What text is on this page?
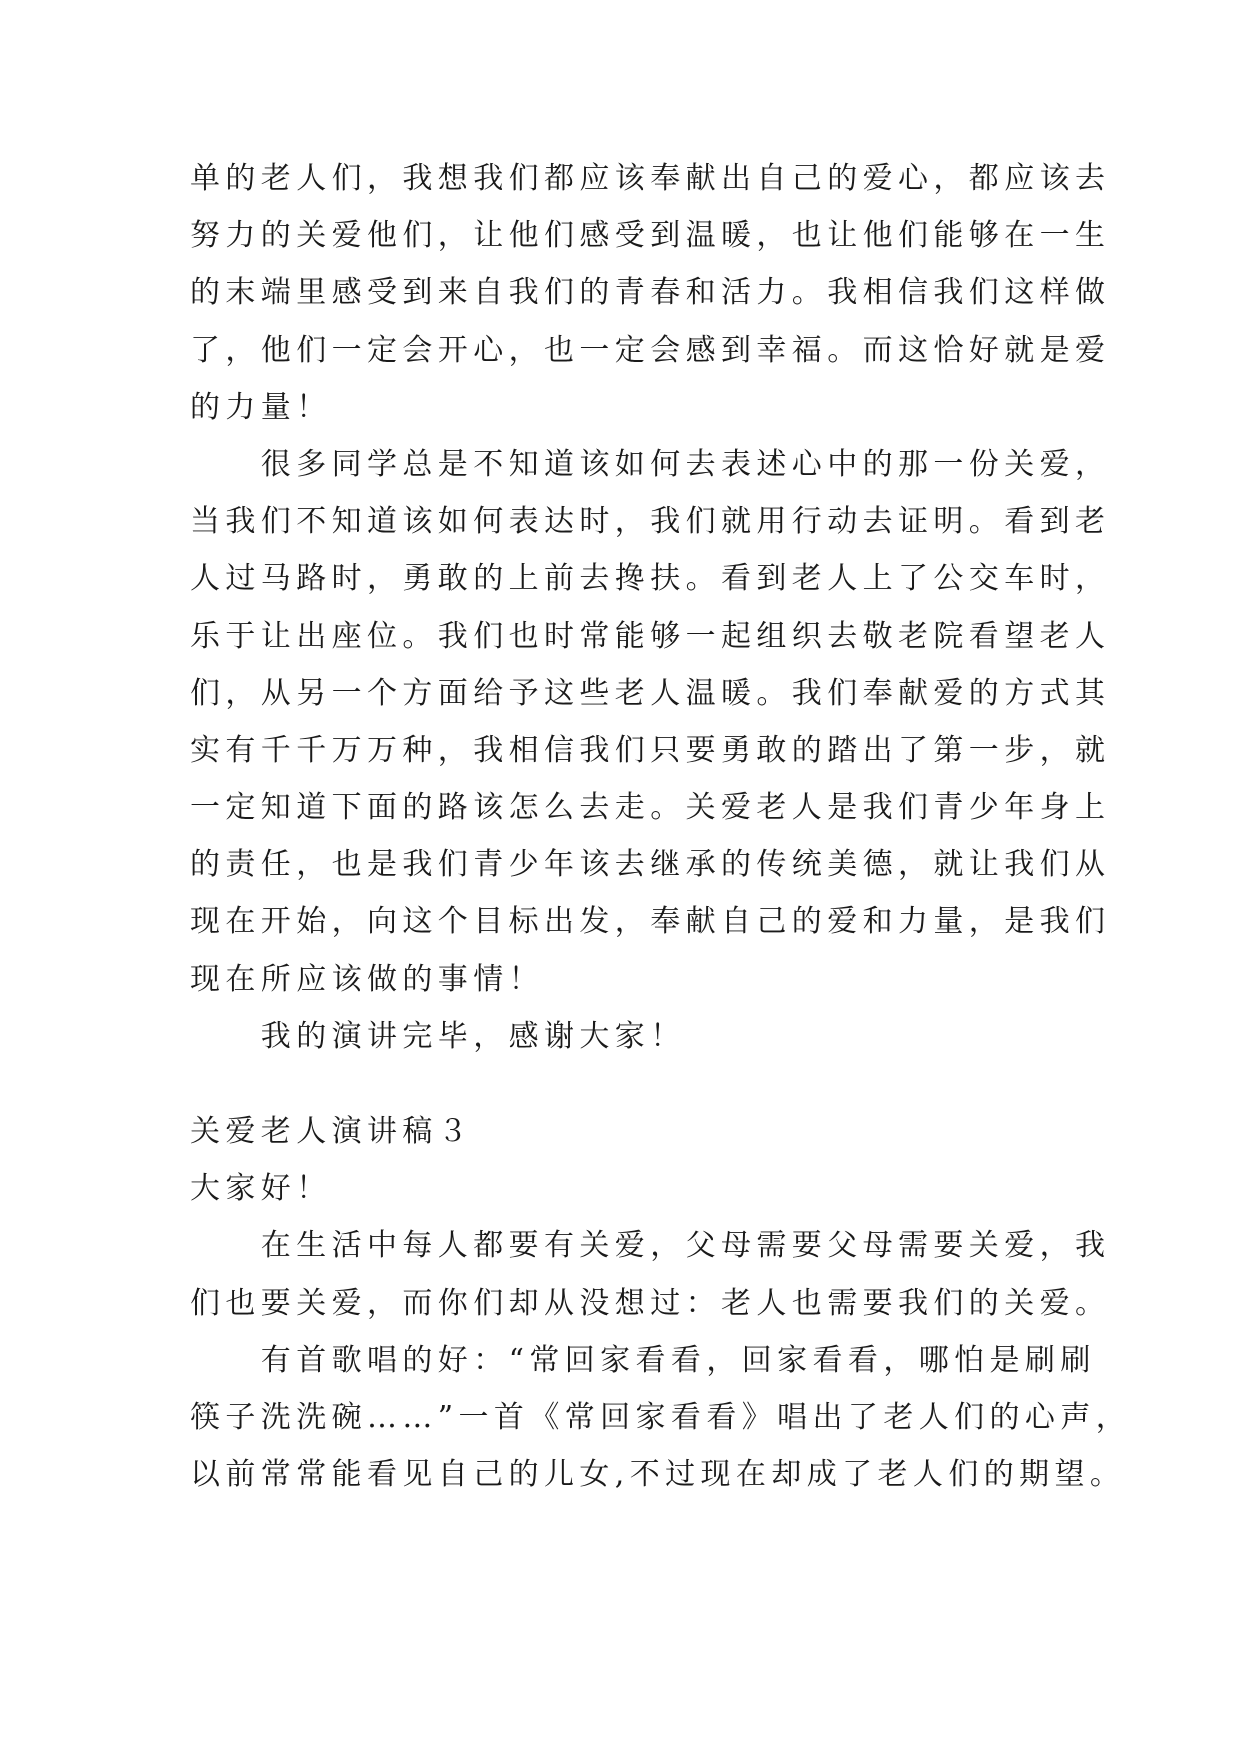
单的老人们，我想我们都应该奉献出自己的爱心，都应该去
努力的关爱他们，让他们感受到温暖，也让他们能够在一生
的末端里感受到来自我们的青春和活力。我相信我们这样做
了，他们一定会开心，也一定会感到幸福。而这恰好就是爱
的力量！
　　很多同学总是不知道该如何去表述心中的那一份关爱，
当我们不知道该如何表达时，我们就用行动去证明。看到老
人过马路时，勇敢的上前去搀扶。看到老人上了公交车时，
乐于让出座位。我们也时常能够一起组织去敬老院看望老人
们，从另一个方面给予这些老人温暖。我们奉献爱的方式其
实有千千万万种，我相信我们只要勇敢的踏出了第一步，就
一定知道下面的路该怎么去走。关爱老人是我们青少年身上
的责任，也是我们青少年该去继承的传统美德，就让我们从
现在开始，向这个目标出发，奉献自己的爱和力量，是我们
现在所应该做的事情！
　　我的演讲完毕，感谢大家！
关爱老人演讲稿３
大家好！
　　在生活中每人都要有关爱，父母需要父母需要关爱，我
们也要关爱，而你们却从没想过：老人也需要我们的关爱。
　　有首歌唱的好：“常回家看看，回家看看，哪怕是刷刷
筷子洗洗碗……”一首《常回家看看》唱出了老人们的心声，
以前常常能看见自己的儿女,不过现在却成了老人们的期望。
